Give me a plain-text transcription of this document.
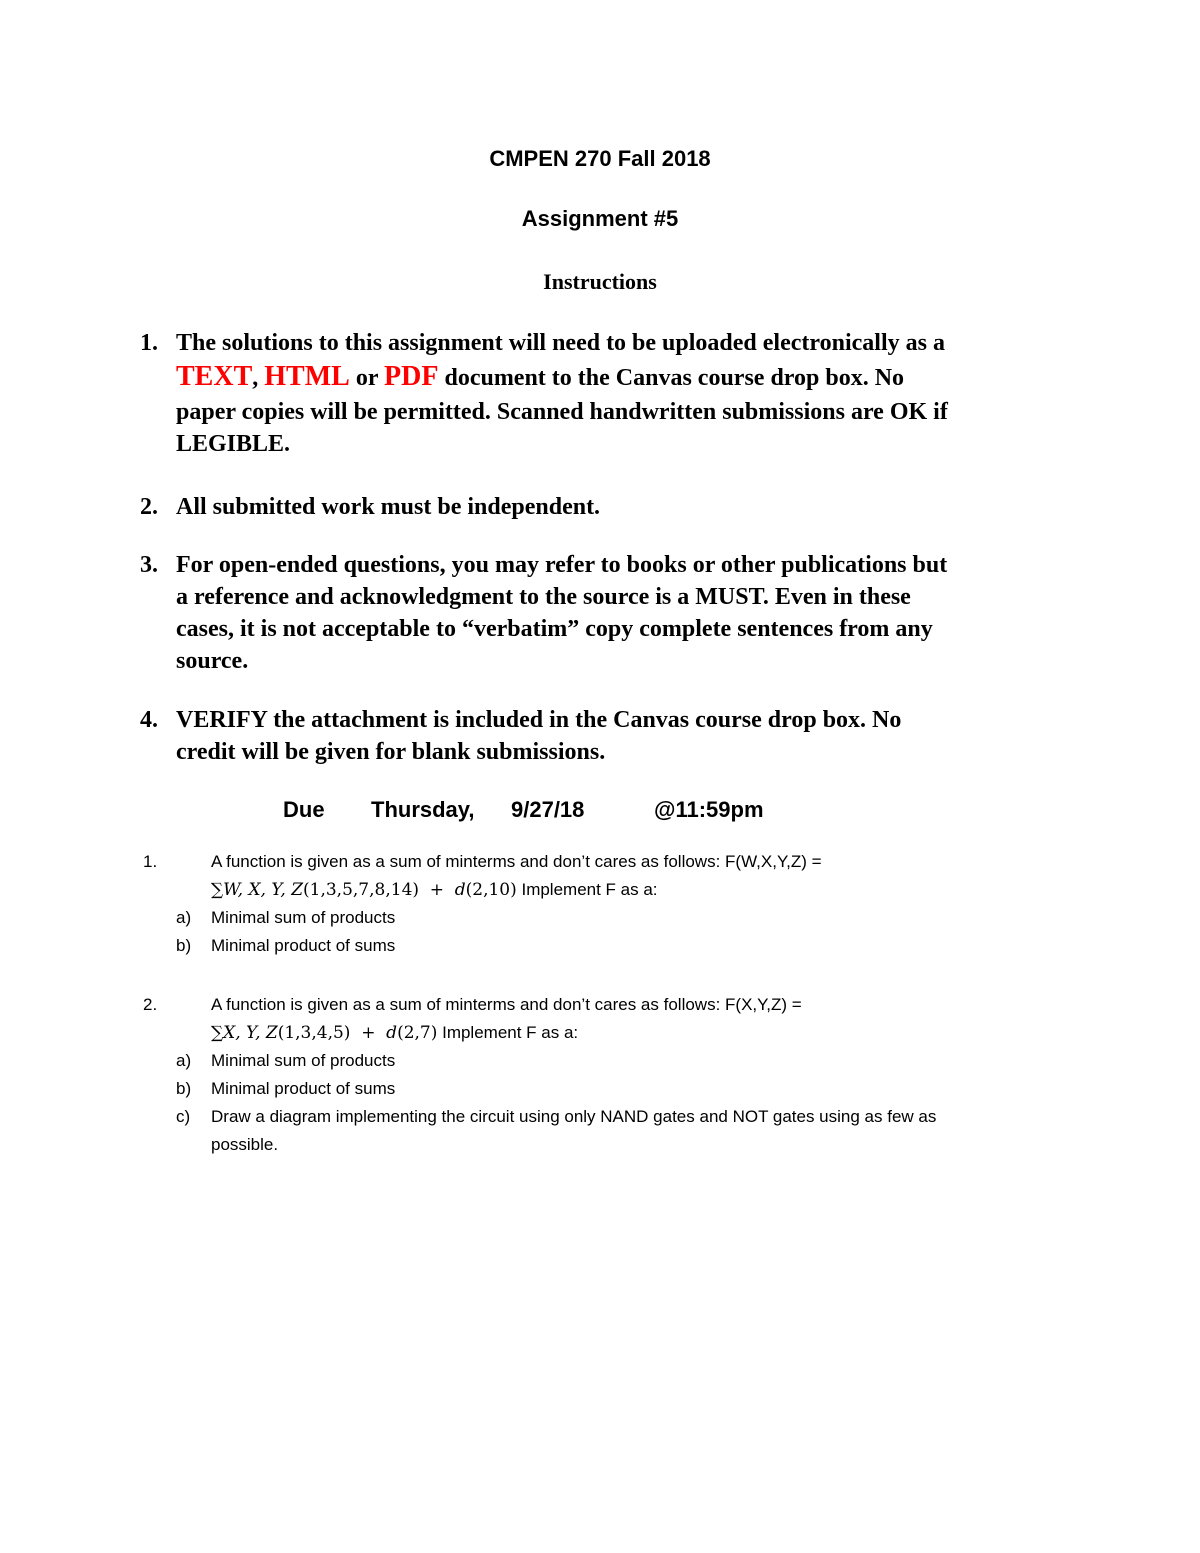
CMPEN 270 Fall 2018
Assignment #5
Instructions
1. The solutions to this assignment will need to be uploaded electronically as a
TEXT, HTML or PDF document to the Canvas course drop box. No
paper copies will be permitted. Scanned handwritten submissions are OK if
LEGIBLE.
2. All submitted work must be independent.
3. For open-ended questions, you may refer to books or other publications but
a reference and acknowledgment to the source is a MUST. Even in these
cases, it is not acceptable to “verbatim” copy complete sentences from any
source.
4. VERIFY the attachment is included in the Canvas course drop box. No
credit will be given for blank submissions.
Due Thursday, 9/27/18	@11:59pm
1.	A function is given as a sum of minterms and don’t cares as follows: F(W,X,Y,Z) =
∑W, X, Y, Z(1,3,5,7,8,14) + d(2,10) Implement F as a:
a) Minimal sum of products
b) Minimal product of sums
2.	A function is given as a sum of minterms and don’t cares as follows: F(X,Y,Z) =
∑X, Y, Z(1,3,4,5) + d(2,7) Implement F as a:
a) Minimal sum of products
b) Minimal product of sums
c) Draw a diagram implementing the circuit using only NAND gates and NOT gates using as few as
possible.
